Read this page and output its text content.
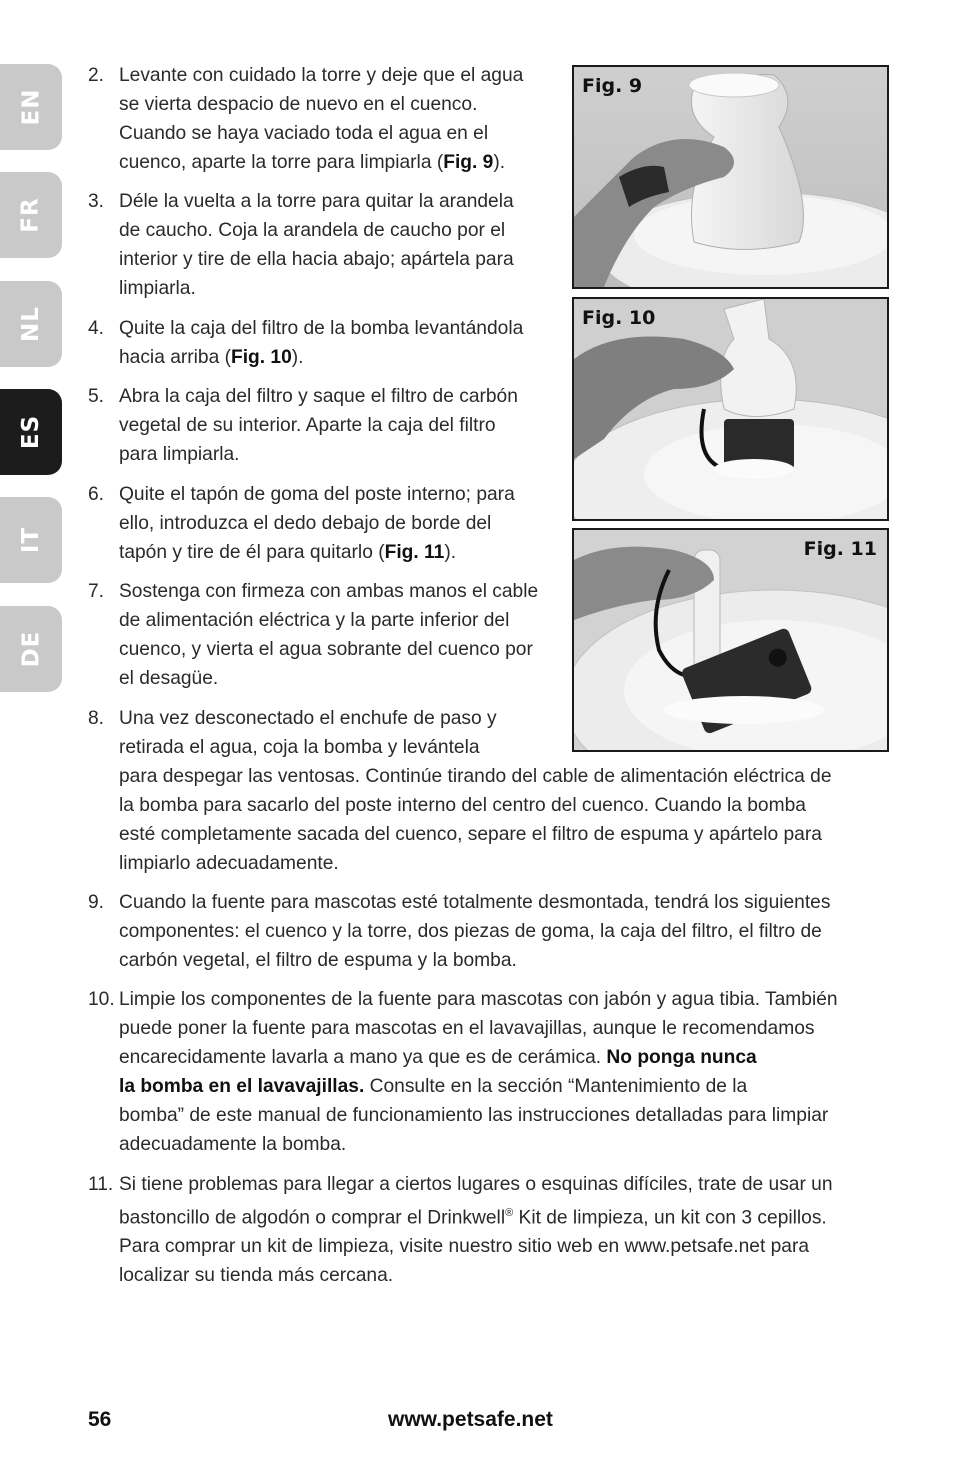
EN
FR
NL
ES
IT
DE
Fig. 9
Fig. 10
Fig. 11
2. Levante con cuidado la torre y deje que el agua
se vierta despacio de nuevo en el cuenco.
Cuando se haya vaciado toda el agua en el
cuenco, aparte la torre para limpiarla (Fig. 9).
3. Déle la vuelta a la torre para quitar la arandela
de caucho. Coja la arandela de caucho por el
interior y tire de ella hacia abajo; apártela para
limpiarla.
4. Quite la caja del filtro de la bomba levantándola
hacia arriba (Fig. 10).
5. Abra la caja del filtro y saque el filtro de carbón
vegetal de su interior. Aparte la caja del filtro
para limpiarla.
6. Quite el tapón de goma del poste interno; para
ello, introduzca el dedo debajo de borde del
tapón y tire de él para quitarlo (Fig. 11).
7. Sostenga con firmeza con ambas manos el cable
de alimentación eléctrica y la parte inferior del
cuenco, y vierta el agua sobrante del cuenco por
el desagüe.
8. Una vez desconectado el enchufe de paso y
retirada el agua, coja la bomba y levántela
para despegar las ventosas. Continúe tirando del cable de alimentación eléctrica de
la bomba para sacarlo del poste interno del centro del cuenco. Cuando la bomba
esté completamente sacada del cuenco, separe el filtro de espuma y apártelo para
limpiarlo adecuadamente.
9. Cuando la fuente para mascotas esté totalmente desmontada, tendrá los siguientes
componentes: el cuenco y la torre, dos piezas de goma, la caja del filtro, el filtro de
carbón vegetal, el filtro de espuma y la bomba.
10. Limpie los componentes de la fuente para mascotas con jabón y agua tibia. También
puede poner la fuente para mascotas en el lavavajillas, aunque le recomendamos
encarecidamente lavarla a mano ya que es de cerámica. No ponga nunca
la bomba en el lavavajillas. Consulte en la sección “Mantenimiento de la
bomba” de este manual de funcionamiento las instrucciones detalladas para limpiar
adecuadamente la bomba.
11. Si tiene problemas para llegar a ciertos lugares o esquinas difíciles, trate de usar un
bastoncillo de algodón o comprar el Drinkwell® Kit de limpieza, un kit con 3 cepillos.
Para comprar un kit de limpieza, visite nuestro sitio web en www.petsafe.net para
localizar su tienda más cercana.
56	www.petsafe.net
